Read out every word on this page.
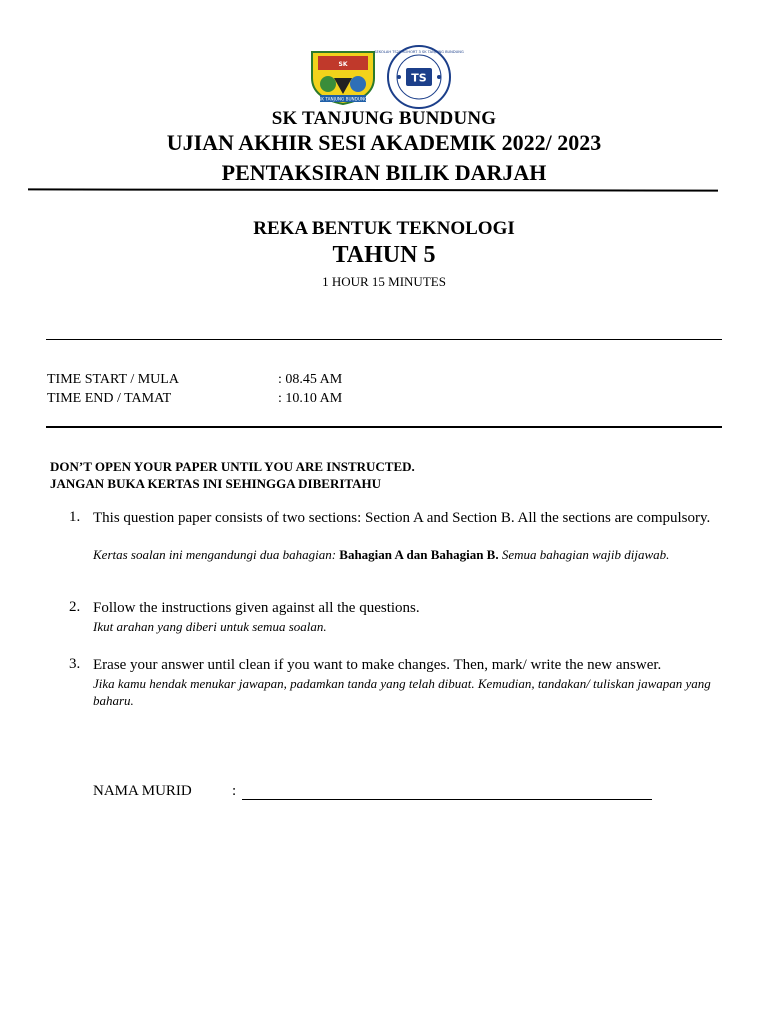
SK
SK TANJUNG BUNDUNG
TS
SEKOLAH TS25 KOHORT 3 SK TANJUNG BUNDUNG
SK TANJUNG BUNDUNG
UJIAN AKHIR SESI AKADEMIK 2022/ 2023
PENTAKSIRAN BILIK DARJAH
REKA BENTUK TEKNOLOGI
TAHUN 5
1 HOUR 15 MINUTES
TIME START / MULA	: 08.45 AM
TIME END / TAMAT	: 10.10 AM
DON’T OPEN YOUR PAPER UNTIL YOU ARE INSTRUCTED.
JANGAN BUKA KERTAS INI SEHINGGA DIBERITAHU
1. This question paper consists of two sections: Section A and Section B. All the sections are compulsory.
Kertas soalan ini mengandungi dua bahagian: Bahagian A dan Bahagian B. Semua bahagian wajib dijawab.
2. Follow the instructions given against all the questions.
Ikut arahan yang diberi untuk semua soalan.
3. Erase your answer until clean if you want to make changes. Then, mark/ write the new answer.
Jika kamu hendak menukar jawapan, padamkan tanda yang telah dibuat. Kemudian, tandakan/ tuliskan jawapan yang baharu.
NAMA MURID	:
